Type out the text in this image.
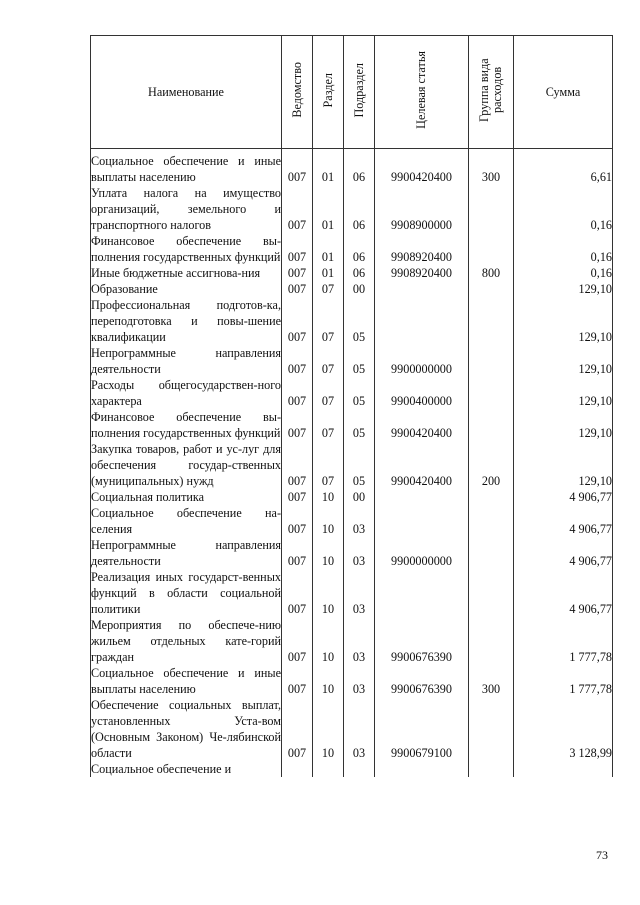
Наименование	Ведомство	Раздел	Подраздел	Целевая статья	Группа вида расходов	Сумма
Социальное обеспечение и иные выплаты населению	007	01	06	9900420400	300	6,61
Уплата налога на имущество организаций, земельного и транспортного налогов	007	01	06	9908900000		0,16
Финансовое обеспечение вы-полнения государственных функций	007	01	06	9908920400		0,16
Иные бюджетные ассигнова-ния	007	01	06	9908920400	800	0,16
Образование	007	07	00			129,10
Профессиональная подготов-ка, переподготовка и повы-шение квалификации	007	07	05			129,10
Непрограммные направления деятельности	007	07	05	9900000000		129,10
Расходы общегосударствен-ного характера	007	07	05	9900400000		129,10
Финансовое обеспечение вы-полнения государственных функций	007	07	05	9900420400		129,10
Закупка товаров, работ и ус-луг для обеспечения государ-ственных (муниципальных) нужд	007	07	05	9900420400	200	129,10
Социальная политика	007	10	00			4 906,77
Социальное обеспечение на-селения	007	10	03			4 906,77
Непрограммные направления деятельности	007	10	03	9900000000		4 906,77
Реализация иных государст-венных функций в области социальной политики	007	10	03			4 906,77
Мероприятия по обеспече-нию жильем отдельных кате-горий граждан	007	10	03	9900676390		1 777,78
Социальное обеспечение и иные выплаты населению	007	10	03	9900676390	300	1 777,78
Обеспечение социальных выплат, установленных Уста-вом (Основным Законом) Че-лябинской области	007	10	03	9900679100		3 128,99
Социальное обеспечение и						
73
